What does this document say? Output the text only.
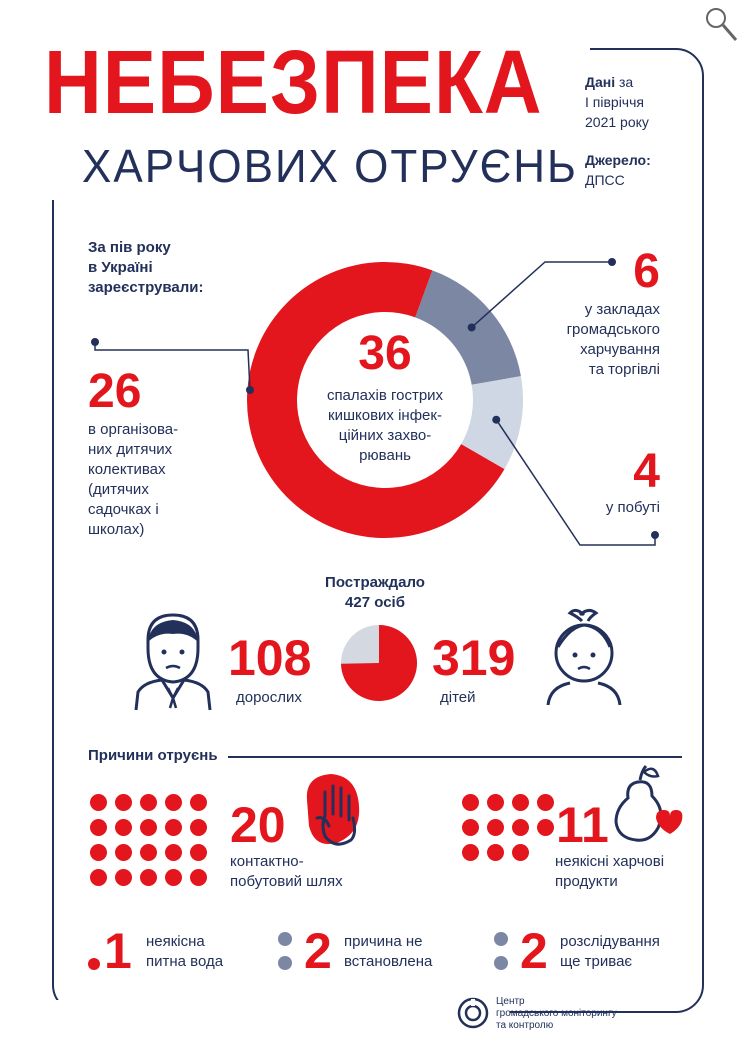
НЕБЕЗПЕКА
ХАРЧОВИХ ОТРУЄНЬ
Дані за
І півріччя
2021 року
Джерело:
ДПСС
За пів року
в Україні
зареєстрували:
36
спалахів гострих
кишкових інфек-
ційних захво-
рювань
26
в організова-
них дитячих
колективах
(дитячих
садочках і
школах)
6
у закладах
громадського
харчування
та торгівлі
4
у побуті
Постраждало
427 осіб
108
дорослих
319
дітей
Причини отруєнь
20
контактно-
побутовий шлях
11
неякісні харчові
продукти
1 неякісна
питна вода 2 причина не
встановлена 2 розслідування
ще триває
Центр
громадського моніторингу
та контролю
